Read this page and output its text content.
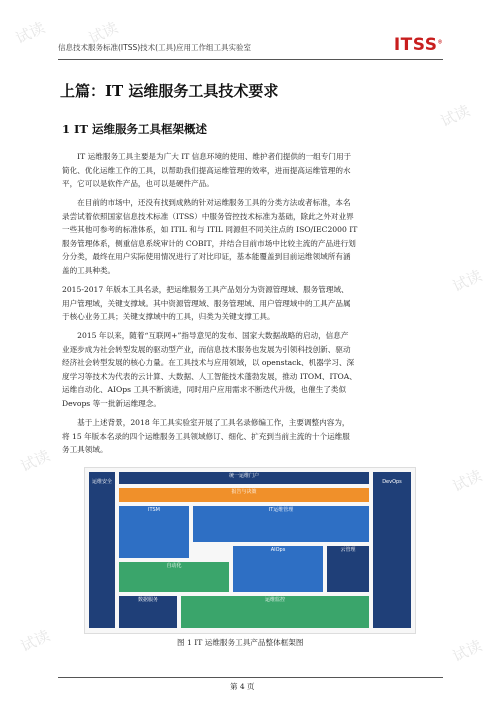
信息技术服务标准(ITSS)技术(工具)应用工作组工具实验室	ITSS®
上篇：IT 运维服务工具技术要求
1 IT 运维服务工具框架概述
　　IT 运维服务工具主要是为广大 IT 信息环境的使用、维护者们提供的一组专门用于
简化、优化运维工作的工具，以帮助我们提高运维管理的效率，进而提高运维管理的水
平，它可以是软件产品，也可以是硬件产品。
　　在目前的市场中，还没有找到成熟的针对运维服务工具的分类方法或者标准，本名
录尝试着依照国家信息技术标准（ITSS）中服务管控技术标准为基础，除此之外对业界
一些其他可参考的标准体系，如 ITIL 和与 ITIL 同源但不同关注点的 ISO/IEC2000 IT
服务管理体系，侧重信息系统审计的 COBIT，并结合目前市场中比较主流的产品进行划
分分类，最终在用户实际使用情况进行了对比印证，基本能覆盖到目前运维领域所有涵
盖的工具种类。
2015-2017 年版本工具名录，把运维服务工具产品划分为资源管理域、服务管理域、
用户管理域，关键支撑域。其中资源管理域、服务管理域、用户管理域中的工具产品属
于核心业务工具；关键支撑域中的工具，归类为关键支撑工具。
　　2015 年以来，随着“互联网+”指导意见的发布、国家大数据战略的启动，信息产
业逐步成为社会转型发展的驱动型产业，而信息技术服务也发展为引领科技创新、驱动
经济社会转型发展的核心力量。在工具技术与应用领域，以 openstack、机器学习、深
度学习等技术为代表的云计算、大数据、人工智能技术蓬勃发展，推动 ITOM、ITOA、
运维自动化、AIOps 工具不断演进，同时用户应用需求不断迭代升级，也催生了类似
Devops 等一批新运维理念。
　　基于上述背景，2018 年工具实验室开展了工具名录修编工作，主要调整内容为，
将 15 年版本名录的四个运维服务工具领域修订、细化、扩充到当前主流的十个运维服
务工具领域。
运维安全
统一运维门户
报告与决策
ITSM	IT运维管理
自动化
AIOps	云管理
数据服务	运维监控
DevOps
图 1 IT 运维服务工具产品整体框架图
第 4 页
试读	试读
试读
试读
试读
试读
试读	试读
